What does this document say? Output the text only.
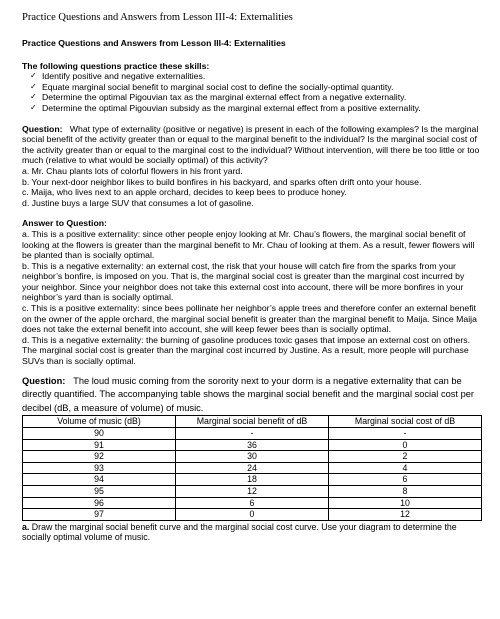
Practice Questions and Answers from Lesson III-4: Externalities
Practice Questions and Answers from Lesson III-4: Externalities
The following questions practice these skills:
✓ Identify positive and negative externalities.
✓ Equate marginal social benefit to marginal social cost to define the socially-optimal quantity.
✓ Determine the optimal Pigouvian tax as the marginal external effect from a negative externality.
✓ Determine the optimal Pigouvian subsidy as the marginal external effect from a positive externality.
Question: What type of externality (positive or negative) is present in each of the following examples? Is the marginal social benefit of the activity greater than or equal to the marginal benefit to the individual? Is the marginal social cost of the activity greater than or equal to the marginal cost to the individual? Without intervention, will there be too little or too much (relative to what would be socially optimal) of this activity?
a. Mr. Chau plants lots of colorful flowers in his front yard.
b. Your next-door neighbor likes to build bonfires in his backyard, and sparks often drift onto your house.
c. Maija, who lives next to an apple orchard, decides to keep bees to produce honey.
d. Justine buys a large SUV that consumes a lot of gasoline.
Answer to Question:
a. This is a positive externality: since other people enjoy looking at Mr. Chau’s flowers, the marginal social benefit of looking at the flowers is greater than the marginal benefit to Mr. Chau of looking at them. As a result, fewer flowers will be planted than is socially optimal.
b. This is a negative externality: an external cost, the risk that your house will catch fire from the sparks from your neighbor’s bonfire, is imposed on you. That is, the marginal social cost is greater than the marginal cost incurred by your neighbor. Since your neighbor does not take this external cost into account, there will be more bonfires in your neighbor’s yard than is socially optimal.
c. This is a positive externality: since bees pollinate her neighbor’s apple trees and therefore confer an external benefit on the owner of the apple orchard, the marginal social benefit is greater than the marginal benefit to Maija. Since Maija does not take the external benefit into account, she will keep fewer bees than is socially optimal.
d. This is a negative externality: the burning of gasoline produces toxic gases that impose an external cost on others. The marginal social cost is greater than the marginal cost incurred by Justine. As a result, more people will purchase SUVs than is socially optimal.
Question: The loud music coming from the sorority next to your dorm is a negative externality that can be directly quantified. The accompanying table shows the marginal social benefit and the marginal social cost per decibel (dB, a measure of volume) of music.
Volume of music (dB)	Marginal social benefit of dB	Marginal social cost of dB
90	-	-
91	36	0
92	30	2
93	24	4
94	18	6
95	12	8
96	6	10
97	0	12
a. Draw the marginal social benefit curve and the marginal social cost curve. Use your diagram to determine the socially optimal volume of music.
